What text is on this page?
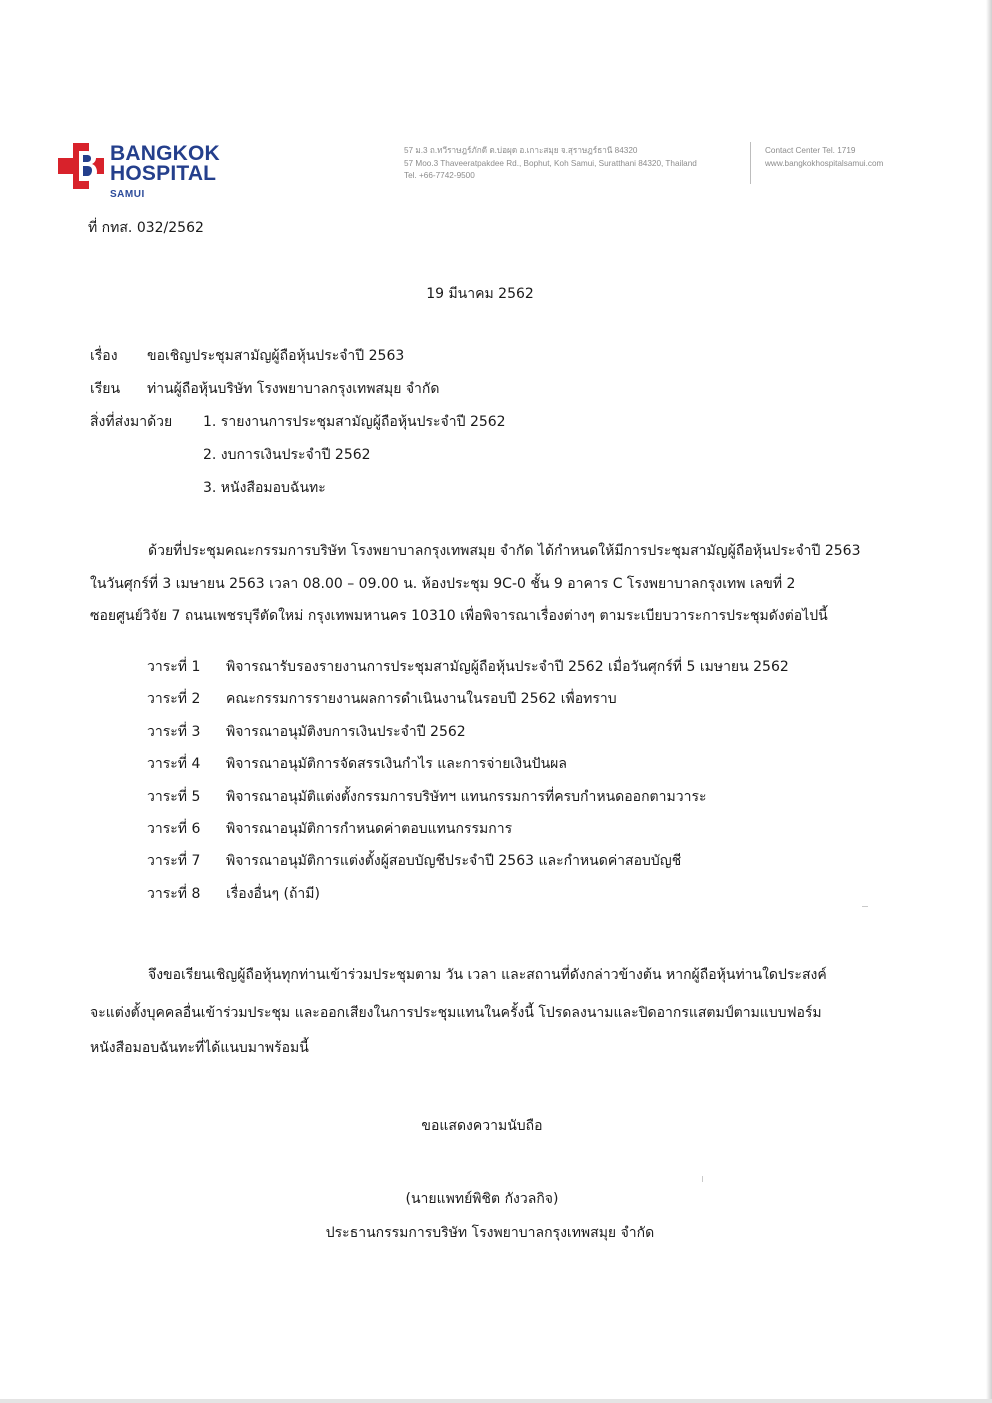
BANGKOK
HOSPITAL
SAMUI
57 ม.3 ถ.ทวีราษฎร์ภักดี ต.บ่อผุด อ.เกาะสมุย จ.สุราษฎร์ธานี 84320
57 Moo.3 Thaveeratpakdee Rd., Bophut, Koh Samui, Suratthani 84320, Thailand
Tel. +66-7742-9500
Contact Center Tel. 1719
www.bangkokhospitalsamui.com
ที่ กทส. 032/2562
19 มีนาคม 2562
เรื่อง ขอเชิญประชุมสามัญผู้ถือหุ้นประจำปี 2563
เรียน ท่านผู้ถือหุ้นบริษัท โรงพยาบาลกรุงเทพสมุย จำกัด
สิ่งที่ส่งมาด้วย 1. รายงานการประชุมสามัญผู้ถือหุ้นประจำปี 2562
2. งบการเงินประจำปี 2562
3. หนังสือมอบฉันทะ
ด้วยที่ประชุมคณะกรรมการบริษัท โรงพยาบาลกรุงเทพสมุย จำกัด ได้กำหนดให้มีการประชุมสามัญผู้ถือหุ้นประจำปี 2563
ในวันศุกร์ที่ 3 เมษายน 2563 เวลา 08.00 – 09.00 น. ห้องประชุม 9C-0 ชั้น 9 อาคาร C โรงพยาบาลกรุงเทพ เลขที่ 2
ซอยศูนย์วิจัย 7 ถนนเพชรบุรีตัดใหม่ กรุงเทพมหานคร 10310 เพื่อพิจารณาเรื่องต่างๆ ตามระเบียบวาระการประชุมดังต่อไปนี้
วาระที่ 1 พิจารณารับรองรายงานการประชุมสามัญผู้ถือหุ้นประจำปี 2562 เมื่อวันศุกร์ที่ 5 เมษายน 2562
วาระที่ 2 คณะกรรมการรายงานผลการดำเนินงานในรอบปี 2562 เพื่อทราบ
วาระที่ 3 พิจารณาอนุมัติงบการเงินประจำปี 2562
วาระที่ 4 พิจารณาอนุมัติการจัดสรรเงินกำไร และการจ่ายเงินปันผล
วาระที่ 5 พิจารณาอนุมัติแต่งตั้งกรรมการบริษัทฯ แทนกรรมการที่ครบกำหนดออกตามวาระ
วาระที่ 6 พิจารณาอนุมัติการกำหนดค่าตอบแทนกรรมการ
วาระที่ 7 พิจารณาอนุมัติการแต่งตั้งผู้สอบบัญชีประจำปี 2563 และกำหนดค่าสอบบัญชี
วาระที่ 8 เรื่องอื่นๆ (ถ้ามี)
จึงขอเรียนเชิญผู้ถือหุ้นทุกท่านเข้าร่วมประชุมตาม วัน เวลา และสถานที่ดังกล่าวข้างต้น หากผู้ถือหุ้นท่านใดประสงค์
จะแต่งตั้งบุคคลอื่นเข้าร่วมประชุม และออกเสียงในการประชุมแทนในครั้งนี้ โปรดลงนามและปิดอากรแสตมป์ตามแบบฟอร์ม
หนังสือมอบฉันทะที่ได้แนบมาพร้อมนี้
ขอแสดงความนับถือ
(นายแพทย์พิชิต กังวลกิจ)
ประธานกรรมการบริษัท โรงพยาบาลกรุงเทพสมุย จำกัด
